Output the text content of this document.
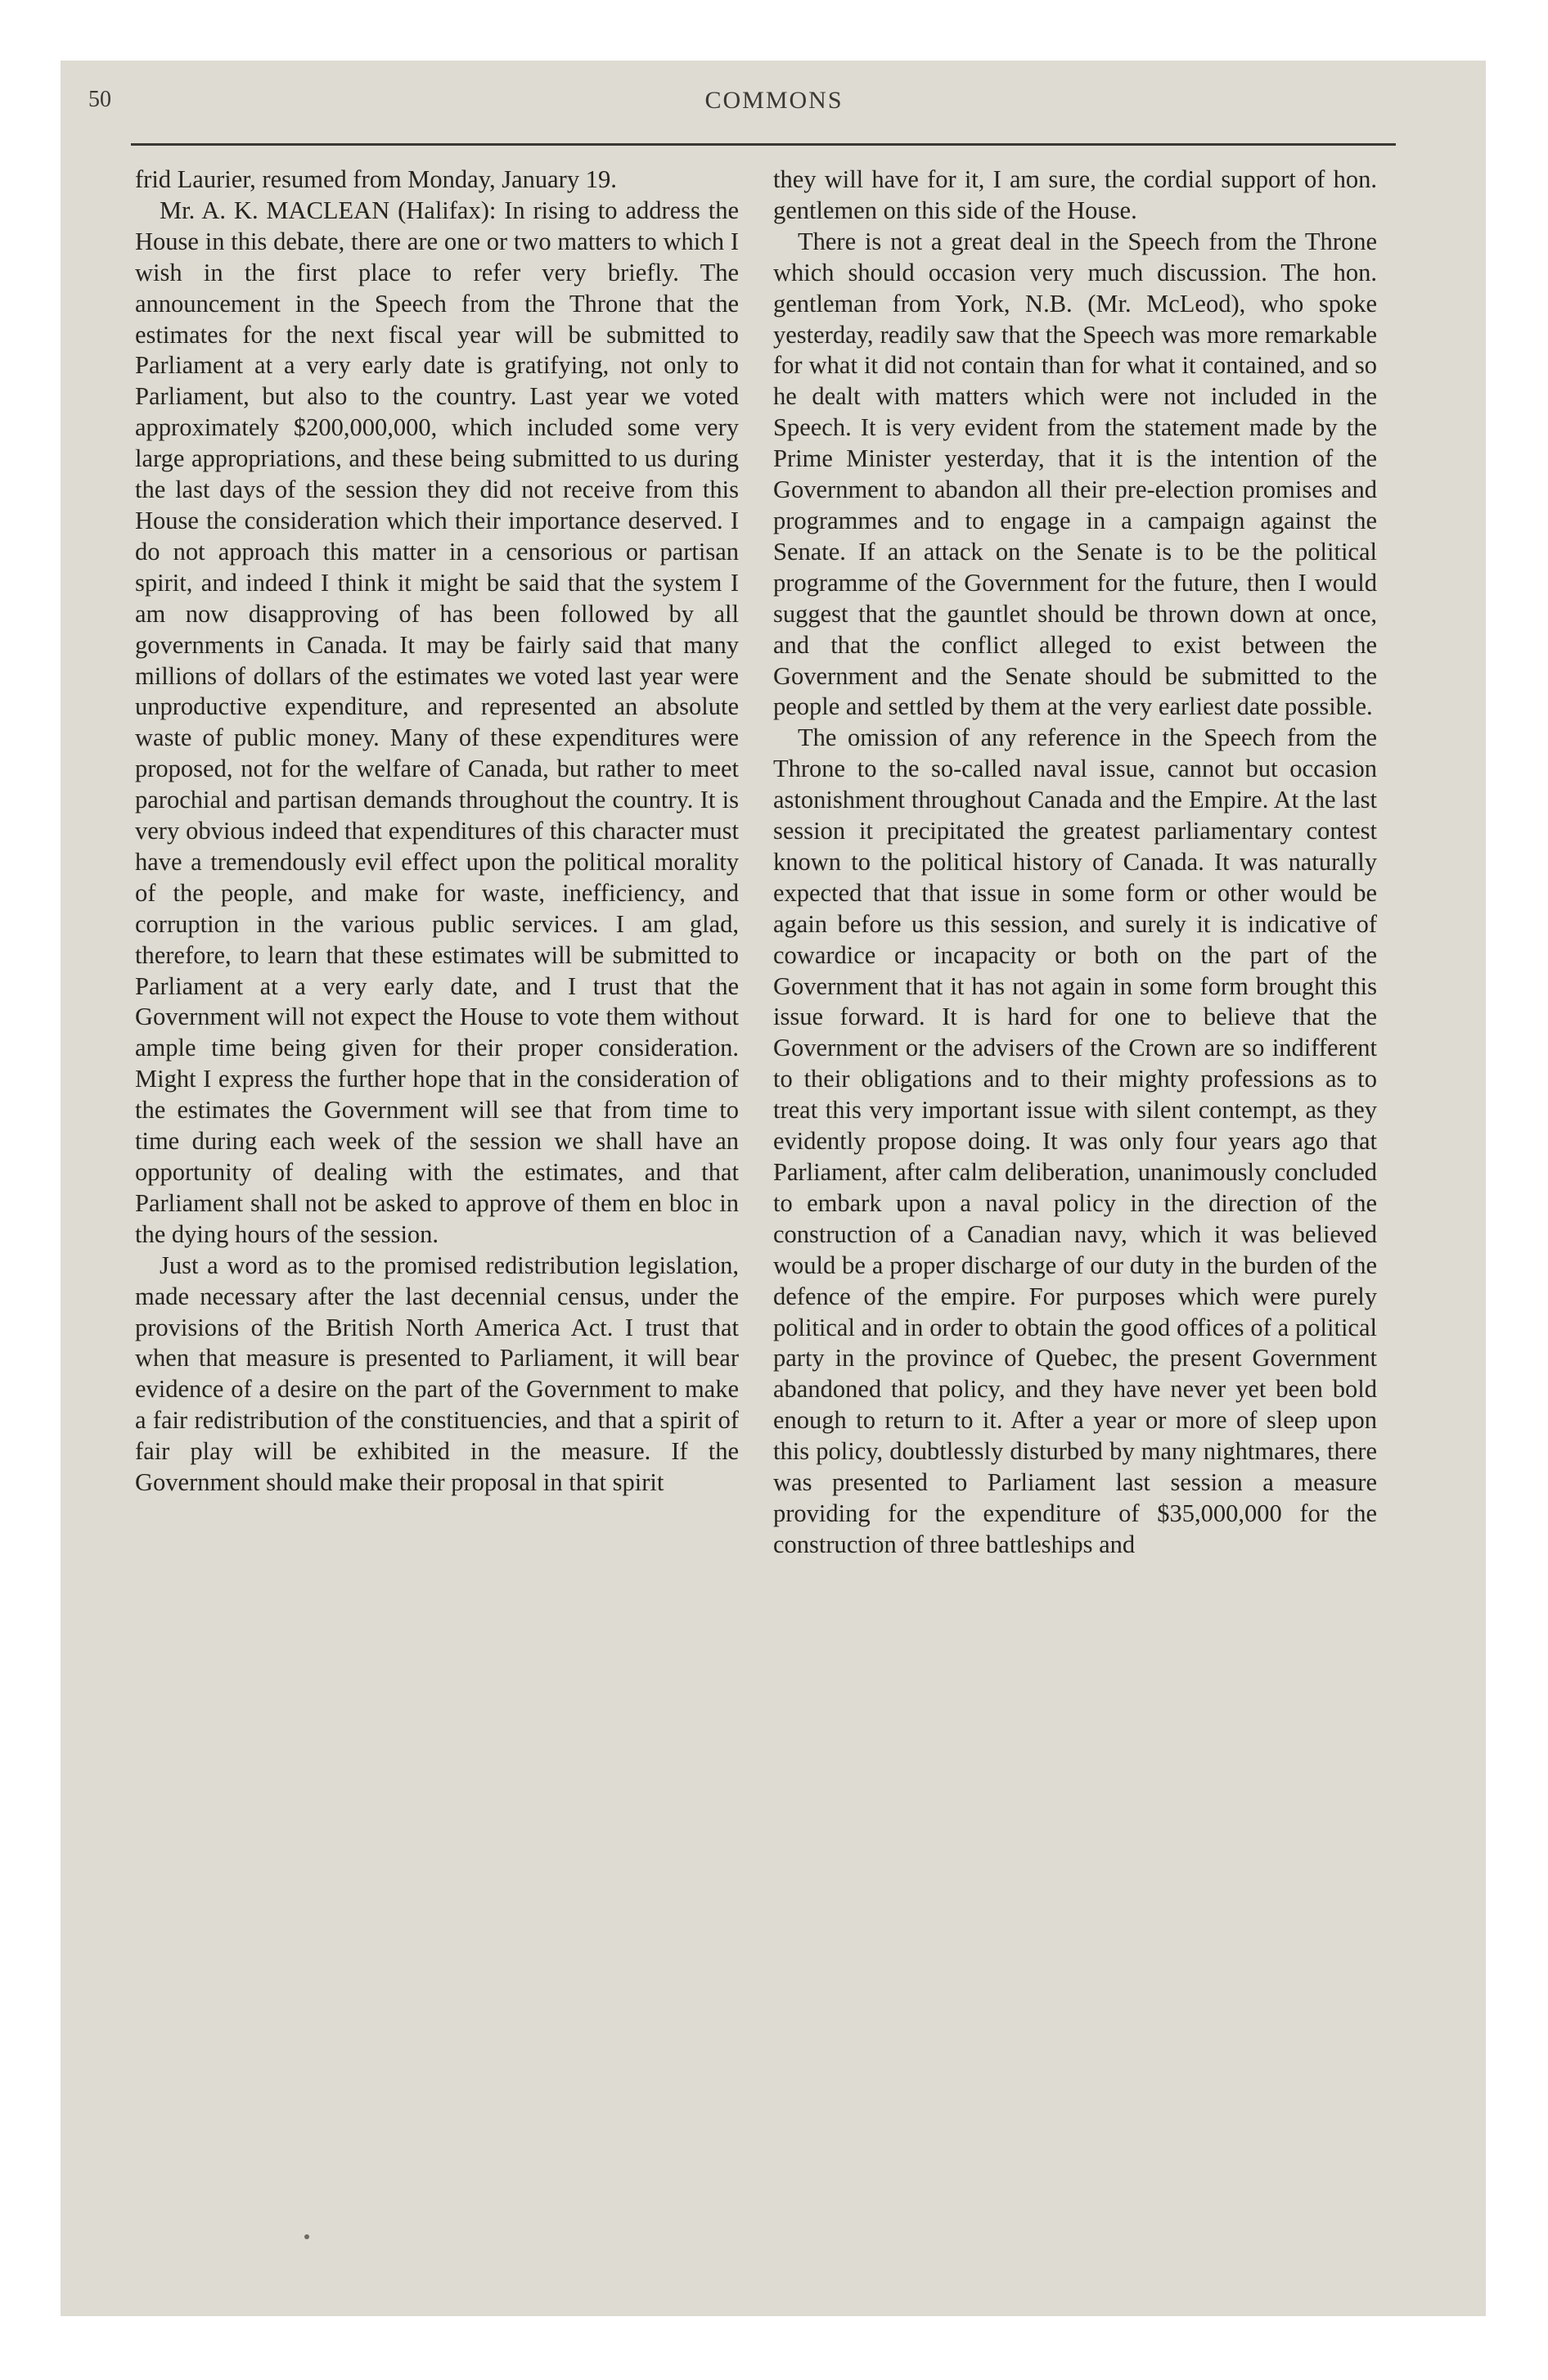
50	COMMONS

frid Laurier, resumed from Monday, January 19.

Mr. A. K. MACLEAN (Halifax): In rising to address the House in this debate, there are one or two matters to which I wish in the first place to refer very briefly. The announcement in the Speech from the Throne that the estimates for the next fiscal year will be submitted to Parliament at a very early date is gratifying, not only to Parliament, but also to the country. Last year we voted approximately $200,000,000, which included some very large appropriations, and these being submitted to us during the last days of the session they did not receive from this House the consideration which their importance deserved. I do not approach this matter in a censorious or partisan spirit, and indeed I think it might be said that the system I am now disapproving of has been followed by all governments in Canada. It may be fairly said that many millions of dollars of the estimates we voted last year were unproductive expenditure, and represented an absolute waste of public money. Many of these expenditures were proposed, not for the welfare of Canada, but rather to meet parochial and partisan demands throughout the country. It is very obvious indeed that expenditures of this character must have a tremendously evil effect upon the political morality of the people, and make for waste, inefficiency, and corruption in the various public services. I am glad, therefore, to learn that these estimates will be submitted to Parliament at a very early date, and I trust that the Government will not expect the House to vote them without ample time being given for their proper consideration. Might I express the further hope that in the consideration of the estimates the Government will see that from time to time during each week of the session we shall have an opportunity of dealing with the estimates, and that Parliament shall not be asked to approve of them en bloc in the dying hours of the session.

Just a word as to the promised redistribution legislation, made necessary after the last decennial census, under the provisions of the British North America Act. I trust that when that measure is presented to Parliament, it will bear evidence of a desire on the part of the Government to make a fair redistribution of the constituencies, and that a spirit of fair play will be exhibited in the measure. If the Government should make their proposal in that spirit

they will have for it, I am sure, the cordial support of hon. gentlemen on this side of the House.

There is not a great deal in the Speech from the Throne which should occasion very much discussion. The hon. gentleman from York, N.B. (Mr. McLeod), who spoke yesterday, readily saw that the Speech was more remarkable for what it did not contain than for what it contained, and so he dealt with matters which were not included in the Speech. It is very evident from the statement made by the Prime Minister yesterday, that it is the intention of the Government to abandon all their pre-election promises and programmes and to engage in a campaign against the Senate. If an attack on the Senate is to be the political programme of the Government for the future, then I would suggest that the gauntlet should be thrown down at once, and that the conflict alleged to exist between the Government and the Senate should be submitted to the people and settled by them at the very earliest date possible.

The omission of any reference in the Speech from the Throne to the so-called naval issue, cannot but occasion astonishment throughout Canada and the Empire. At the last session it precipitated the greatest parliamentary contest known to the political history of Canada. It was naturally expected that that issue in some form or other would be again before us this session, and surely it is indicative of cowardice or incapacity or both on the part of the Government that it has not again in some form brought this issue forward. It is hard for one to believe that the Government or the advisers of the Crown are so indifferent to their obligations and to their mighty professions as to treat this very important issue with silent contempt, as they evidently propose doing. It was only four years ago that Parliament, after calm deliberation, unanimously concluded to embark upon a naval policy in the direction of the construction of a Canadian navy, which it was believed would be a proper discharge of our duty in the burden of the defence of the empire. For purposes which were purely political and in order to obtain the good offices of a political party in the province of Quebec, the present Government abandoned that policy, and they have never yet been bold enough to return to it. After a year or more of sleep upon this policy, doubtlessly disturbed by many nightmares, there was presented to Parliament last session a measure providing for the expenditure of $35,000,000 for the construction of three battleships and
